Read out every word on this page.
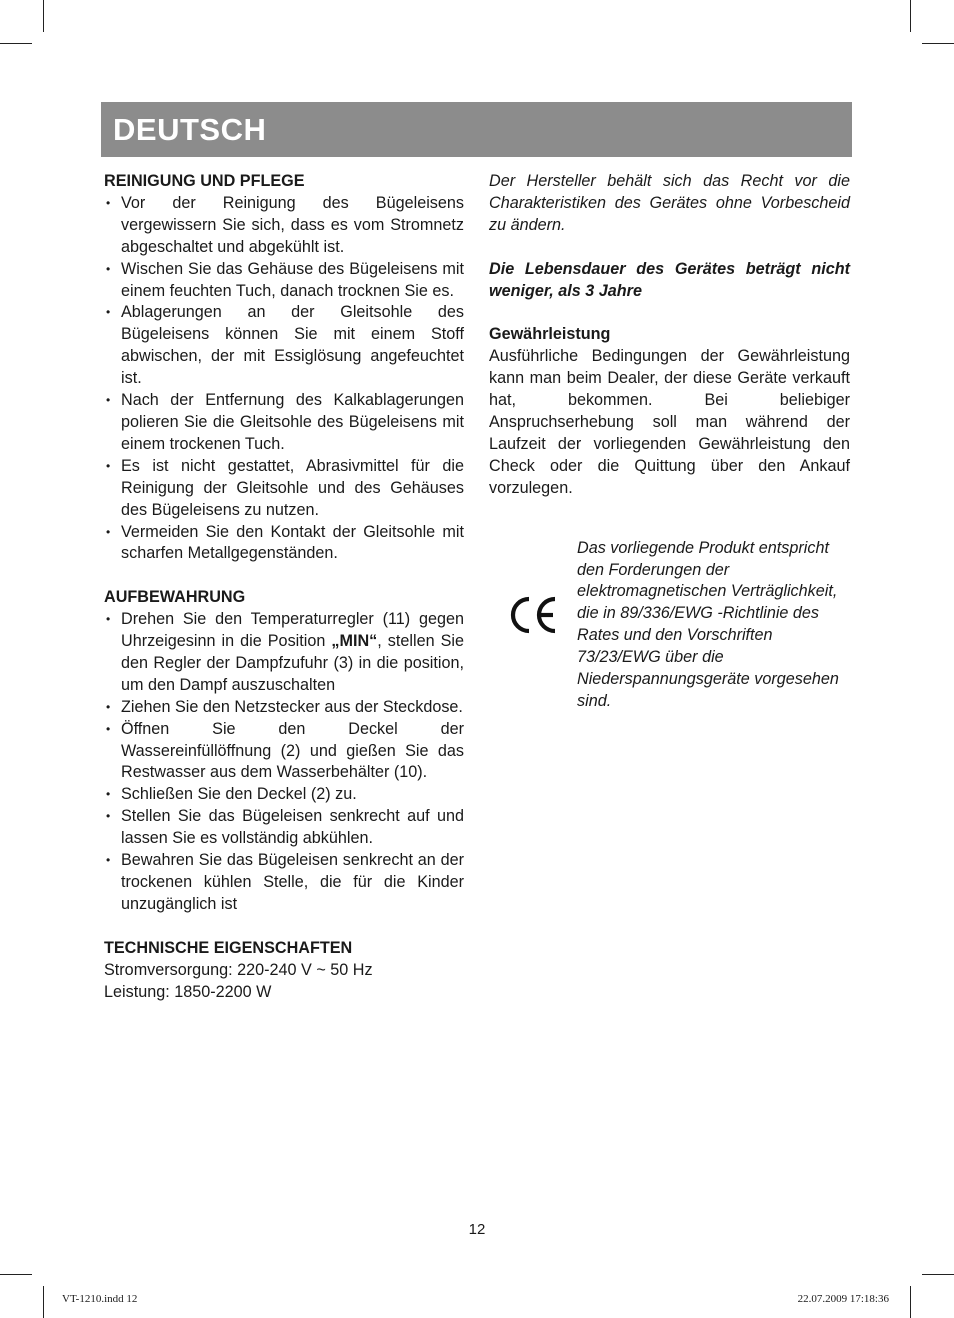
DEUTSCH

REINIGUNG UND PFLEGE

• Vor der Reinigung des Bügeleisens vergewissern Sie sich, dass es vom Stromnetz abgeschaltet und abgekühlt ist.
• Wischen Sie das Gehäuse des Bügeleisens mit einem feuchten Tuch, danach trocknen Sie es.
• Ablagerungen an der Gleitsohle des Bügeleisens können Sie mit einem Stoff abwischen, der mit Essiglösung angefeuchtet ist.
• Nach der Entfernung des Kalkablagerungen polieren Sie die Gleitsohle des Bügeleisens mit einem trockenen Tuch.
• Es ist nicht gestattet, Abrasivmittel für die Reinigung der Gleitsohle und des Gehäuses des Bügeleisens zu nutzen.
• Vermeiden Sie den Kontakt der Gleitsohle mit scharfen Metallgegenständen.

AUFBEWAHRUNG

• Drehen Sie den Temperaturregler (11) gegen Uhrzeigesinn in die Position „MIN“, stellen Sie den Regler der Dampfzufuhr (3) in die position, um den Dampf auszuschalten
• Ziehen Sie den Netzstecker aus der Steckdose.
• Öffnen Sie den Deckel der Wassereinfüllöffnung (2) und gießen Sie das Restwasser aus dem Wasserbehälter (10).
• Schließen Sie den Deckel (2) zu.
• Stellen Sie das Bügeleisen senkrecht auf und lassen Sie es vollständig abkühlen.
• Bewahren Sie das Bügeleisen senkrecht an der trockenen kühlen Stelle, die für die Kinder unzugänglich ist

TECHNISCHE EIGENSCHAFTEN

Stromversorgung: 220-240 V ~ 50 Hz

Leistung: 1850-2200 W

Der Hersteller behält sich das Recht vor die Charakteristiken des Gerätes ohne Vorbescheid zu ändern.

Die Lebensdauer des Gerätes beträgt nicht weniger, als 3 Jahre

Gewährleistung

Ausführliche Bedingungen der Gewährleistung kann man beim Dealer, der diese Geräte verkauft hat, bekommen. Bei beliebiger Anspruchserhebung soll man während der Laufzeit der vorliegenden Gewährleistung den Check oder die Quittung über den Ankauf vorzulegen.

Das vorliegende Produkt entspricht den Forderungen der elektromagnetischen Verträglichkeit, die in 89/336/EWG -Richtlinie des Rates und den Vorschriften 73/23/EWG über die Niederspannungsgeräte vorgesehen sind.

12
VT-1210.indd 12	22.07.2009 17:18:36
